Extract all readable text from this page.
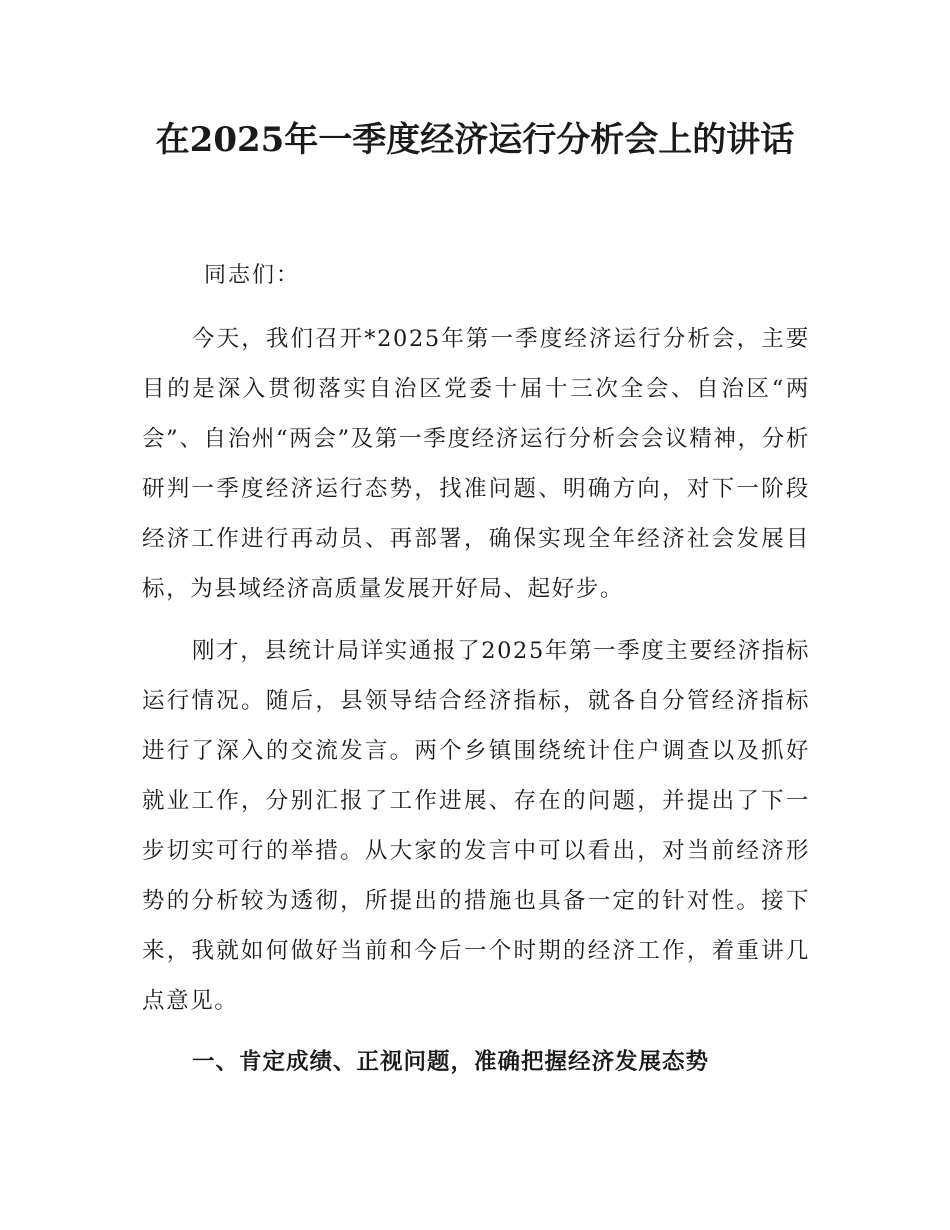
在2025年一季度经济运行分析会上的讲话

同志们：

今天，我们召开*2025年第一季度经济运行分析会，主要目的是深入贯彻落实自治区党委十届十三次全会、自治区“两会”、自治州“两会”及第一季度经济运行分析会会议精神，分析研判一季度经济运行态势，找准问题、明确方向，对下一阶段经济工作进行再动员、再部署，确保实现全年经济社会发展目标，为县域经济高质量发展开好局、起好步。

刚才，县统计局详实通报了2025年第一季度主要经济指标运行情况。随后，县领导结合经济指标，就各自分管经济指标进行了深入的交流发言。两个乡镇围绕统计住户调查以及抓好就业工作，分别汇报了工作进展、存在的问题，并提出了下一步切实可行的举措。从大家的发言中可以看出，对当前经济形势的分析较为透彻，所提出的措施也具备一定的针对性。接下来，我就如何做好当前和今后一个时期的经济工作，着重讲几点意见。

一、肯定成绩、正视问题，准确把握经济发展态势
